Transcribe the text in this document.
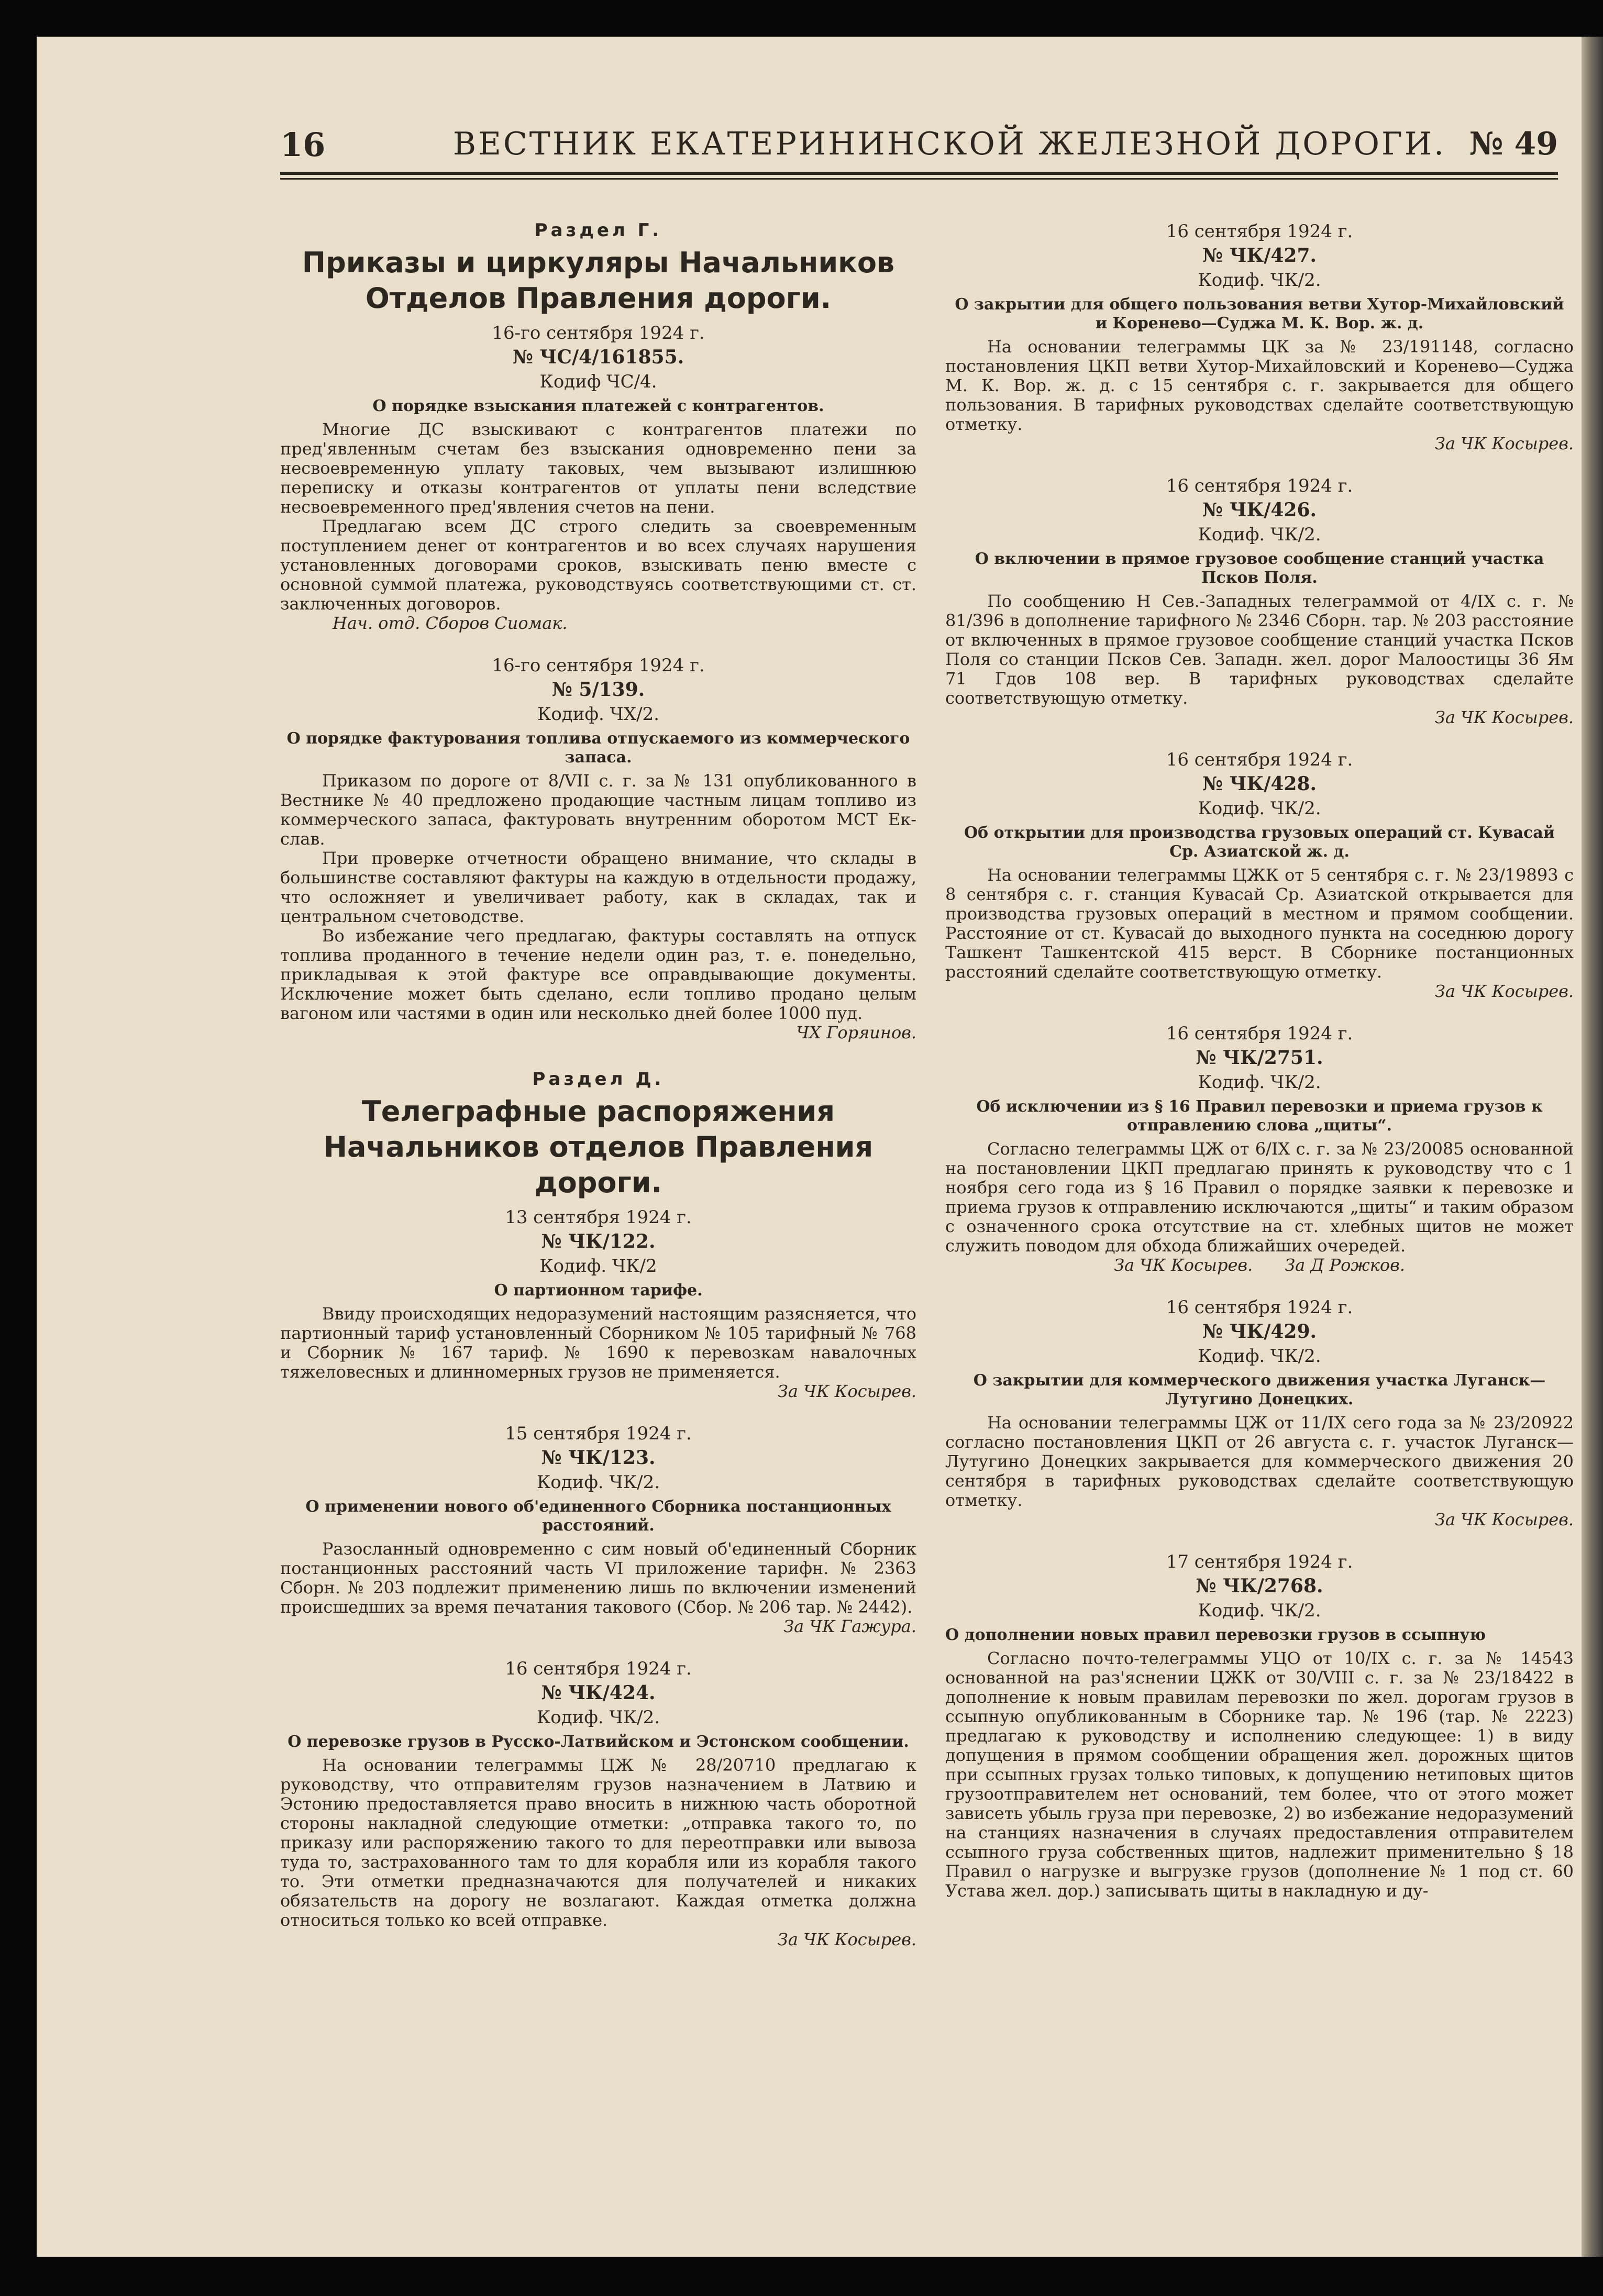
16	ВЕСТНИК ЕКАТЕРИНИНСКОЙ ЖЕЛЕЗНОЙ ДОРОГИ. № 49
Раздел Г.
Приказы и циркуляры Начальников Отделов Правления дороги.
16-го сентября 1924 г.
№ ЧС/4/161855.
Кодиф ЧС/4.
О порядке взыскания платежей с контрагентов.

Многие ДС взыскивают с контрагентов платежи по пред'явленным счетам без взыскания одновременно пени за несвоевременную уплату таковых, чем вызывают излишнюю переписку и отказы контрагентов от уплаты пени вследствие несвоевременного пред'явления счетов на пени.

Предлагаю всем ДС строго следить за своевременным поступлением денег от контрагентов и во всех случаях нарушения установленных договорами сроков, взыскивать пеню вместе с основной суммой платежа, руководствуясь соответствующими ст. ст. заключенных договоров.

Нач. отд. Сборов Сиомак.
16-го сентября 1924 г.
№ 5/139.
Кодиф. ЧХ/2.
О порядке фактурования топлива отпускаемого из коммерческого запаса.

Приказом по дороге от 8/VII с. г. за № 131 опубликованного в Вестнике № 40 предложено продающие частным лицам топливо из коммерческого запаса, фактуровать внутренним оборотом МСТ Ек-слав.

При проверке отчетности обращено внимание, что склады в большинстве составляют фактуры на каждую в отдельности продажу, что осложняет и увеличивает работу, как в складах, так и центральном счетоводстве.

Во избежание чего предлагаю, фактуры составлять на отпуск топлива проданного в течение недели один раз, т. е. понедельно, прикладывая к этой фактуре все оправдывающие документы. Исключение может быть сделано, если топливо продано целым вагоном или частями в один или несколько дней более 1000 пуд.

ЧХ Горяинов.
Раздел Д.
Телеграфные распоряжения Начальников отделов Правления дороги.
13 сентября 1924 г.
№ ЧК/122.
Кодиф. ЧК/2
О партионном тарифе.

Ввиду происходящих недоразумений настоящим разясняется, что партионный тариф установленный Сборником № 105 тарифный № 768 и Сборник № 167 тариф. № 1690 к перевозкам навалочных тяжеловесных и длинномерных грузов не применяется.

За ЧК Косырев.
15 сентября 1924 г.
№ ЧК/123.
Кодиф. ЧК/2.
О применении нового об'единенного Сборника постанционных расстояний.

Разосланный одновременно с сим новый об'единенный Сборник постанционных расстояний часть VI приложение тарифн. № 2363 Сборн. № 203 подлежит применению лишь по включении изменений происшедших за время печатания такового (Сбор. № 206 тар. № 2442).

За ЧК Гажура.
16 сентября 1924 г.
№ ЧК/424.
Кодиф. ЧК/2.
О перевозке грузов в Русско-Латвийском и Эстонском сообщении.

На основании телеграммы ЦЖ № 28/20710 предлагаю к руководству, что отправителям грузов назначением в Латвию и Эстонию предоставляется право вносить в нижнюю часть оборотной стороны накладной следующие отметки: „отправка такого то, по приказу или распоряжению такого то для переотправки или вывоза туда то, застрахованного там то для корабля или из корабля такого то. Эти отметки предназначаются для получателей и никаких обязательств на дорогу не возлагают. Каждая отметка должна относиться только ко всей отправке.

За ЧК Косырев.
16 сентября 1924 г.
№ ЧК/427.
Кодиф. ЧК/2.
О закрытии для общего пользования ветви Хутор-Михайловский и Коренево—Суджа М. К. Вор. ж. д.

На основании телеграммы ЦК за № 23/191148, согласно постановления ЦКП ветви Хутор-Михайловский и Коренево—Суджа М. К. Вор. ж. д. с 15 сентября с. г. закрывается для общего пользования. В тарифных руководствах сделайте соответствующую отметку.

За ЧК Косырев.
16 сентября 1924 г.
№ ЧК/426.
Кодиф. ЧК/2.
О включении в прямое грузовое сообщение станций участка Псков Поля.

По сообщению Н Сев.-Западных телеграммой от 4/IX с. г. № 81/396 в дополнение тарифного № 2346 Сборн. тар. № 203 расстояние от включенных в прямое грузовое сообщение станций участка Псков Поля со станции Псков Сев. Западн. жел. дорог Малоостицы 36 Ям 71 Гдов 108 вер. В тарифных руководствах сделайте соответствующую отметку.

За ЧК Косырев.
16 сентября 1924 г.
№ ЧК/428.
Кодиф. ЧК/2.
Об открытии для производства грузовых операций ст. Кувасай Ср. Азиатской ж. д.

На основании телеграммы ЦЖК от 5 сентября с. г. № 23/19893 с 8 сентября с. г. станция Кувасай Ср. Азиатской открывается для производства грузовых операций в местном и прямом сообщении. Расстояние от ст. Кувасай до выходного пункта на соседнюю дорогу Ташкент Ташкентской 415 верст. В Сборнике постанционных расстояний сделайте соответствующую отметку.

За ЧК Косырев.
16 сентября 1924 г.
№ ЧК/2751.
Кодиф. ЧК/2.
Об исключении из § 16 Правил перевозки и приема грузов к отправлению слова „щиты“.

Согласно телеграммы ЦЖ от 6/IX с. г. за № 23/20085 основанной на постановлении ЦКП предлагаю принять к руководству что с 1 ноября сего года из § 16 Правил о порядке заявки к перевозке и приема грузов к отправлению исключаются „щиты“ и таким образом с означенного срока отсутствие на ст. хлебных щитов не может служить поводом для обхода ближайших очередей.

За ЧК Косырев.      За Д Рожков.
16 сентября 1924 г.
№ ЧК/429.
Кодиф. ЧК/2.
О закрытии для коммерческого движения участка Луганск—Лутугино Донецких.

На основании телеграммы ЦЖ от 11/IX сего года за № 23/20922 согласно постановления ЦКП от 26 августа с. г. участок Луганск—Лутугино Донецких закрывается для коммерческого движения 20 сентября в тарифных руководствах сделайте соответствующую отметку.

За ЧК Косырев.
17 сентября 1924 г.
№ ЧК/2768.
Кодиф. ЧК/2.
О дополнении новых правил перевозки грузов в ссыпную

Согласно почто-телеграммы УЦО от 10/IX с. г. за № 14543 основанной на раз'яснении ЦЖК от 30/VIII с. г. за № 23/18422 в дополнение к новым правилам перевозки по жел. дорогам грузов в ссыпную опубликованным в Сборнике тар. № 196 (тар. № 2223) предлагаю к руководству и исполнению следующее: 1) в виду допущения в прямом сообщении обращения жел. дорожных щитов при ссыпных грузах только типовых, к допущению нетиповых щитов грузоотправителем нет оснований, тем более, что от этого может зависеть убыль груза при перевозке, 2) во избежание недоразумений на станциях назначения в случаях предоставления отправителем ссыпного груза собственных щитов, надлежит применительно § 18 Правил о нагрузке и выгрузке грузов (дополнение № 1 под ст. 60 Устава жел. дор.) записывать щиты в накладную и ду-
